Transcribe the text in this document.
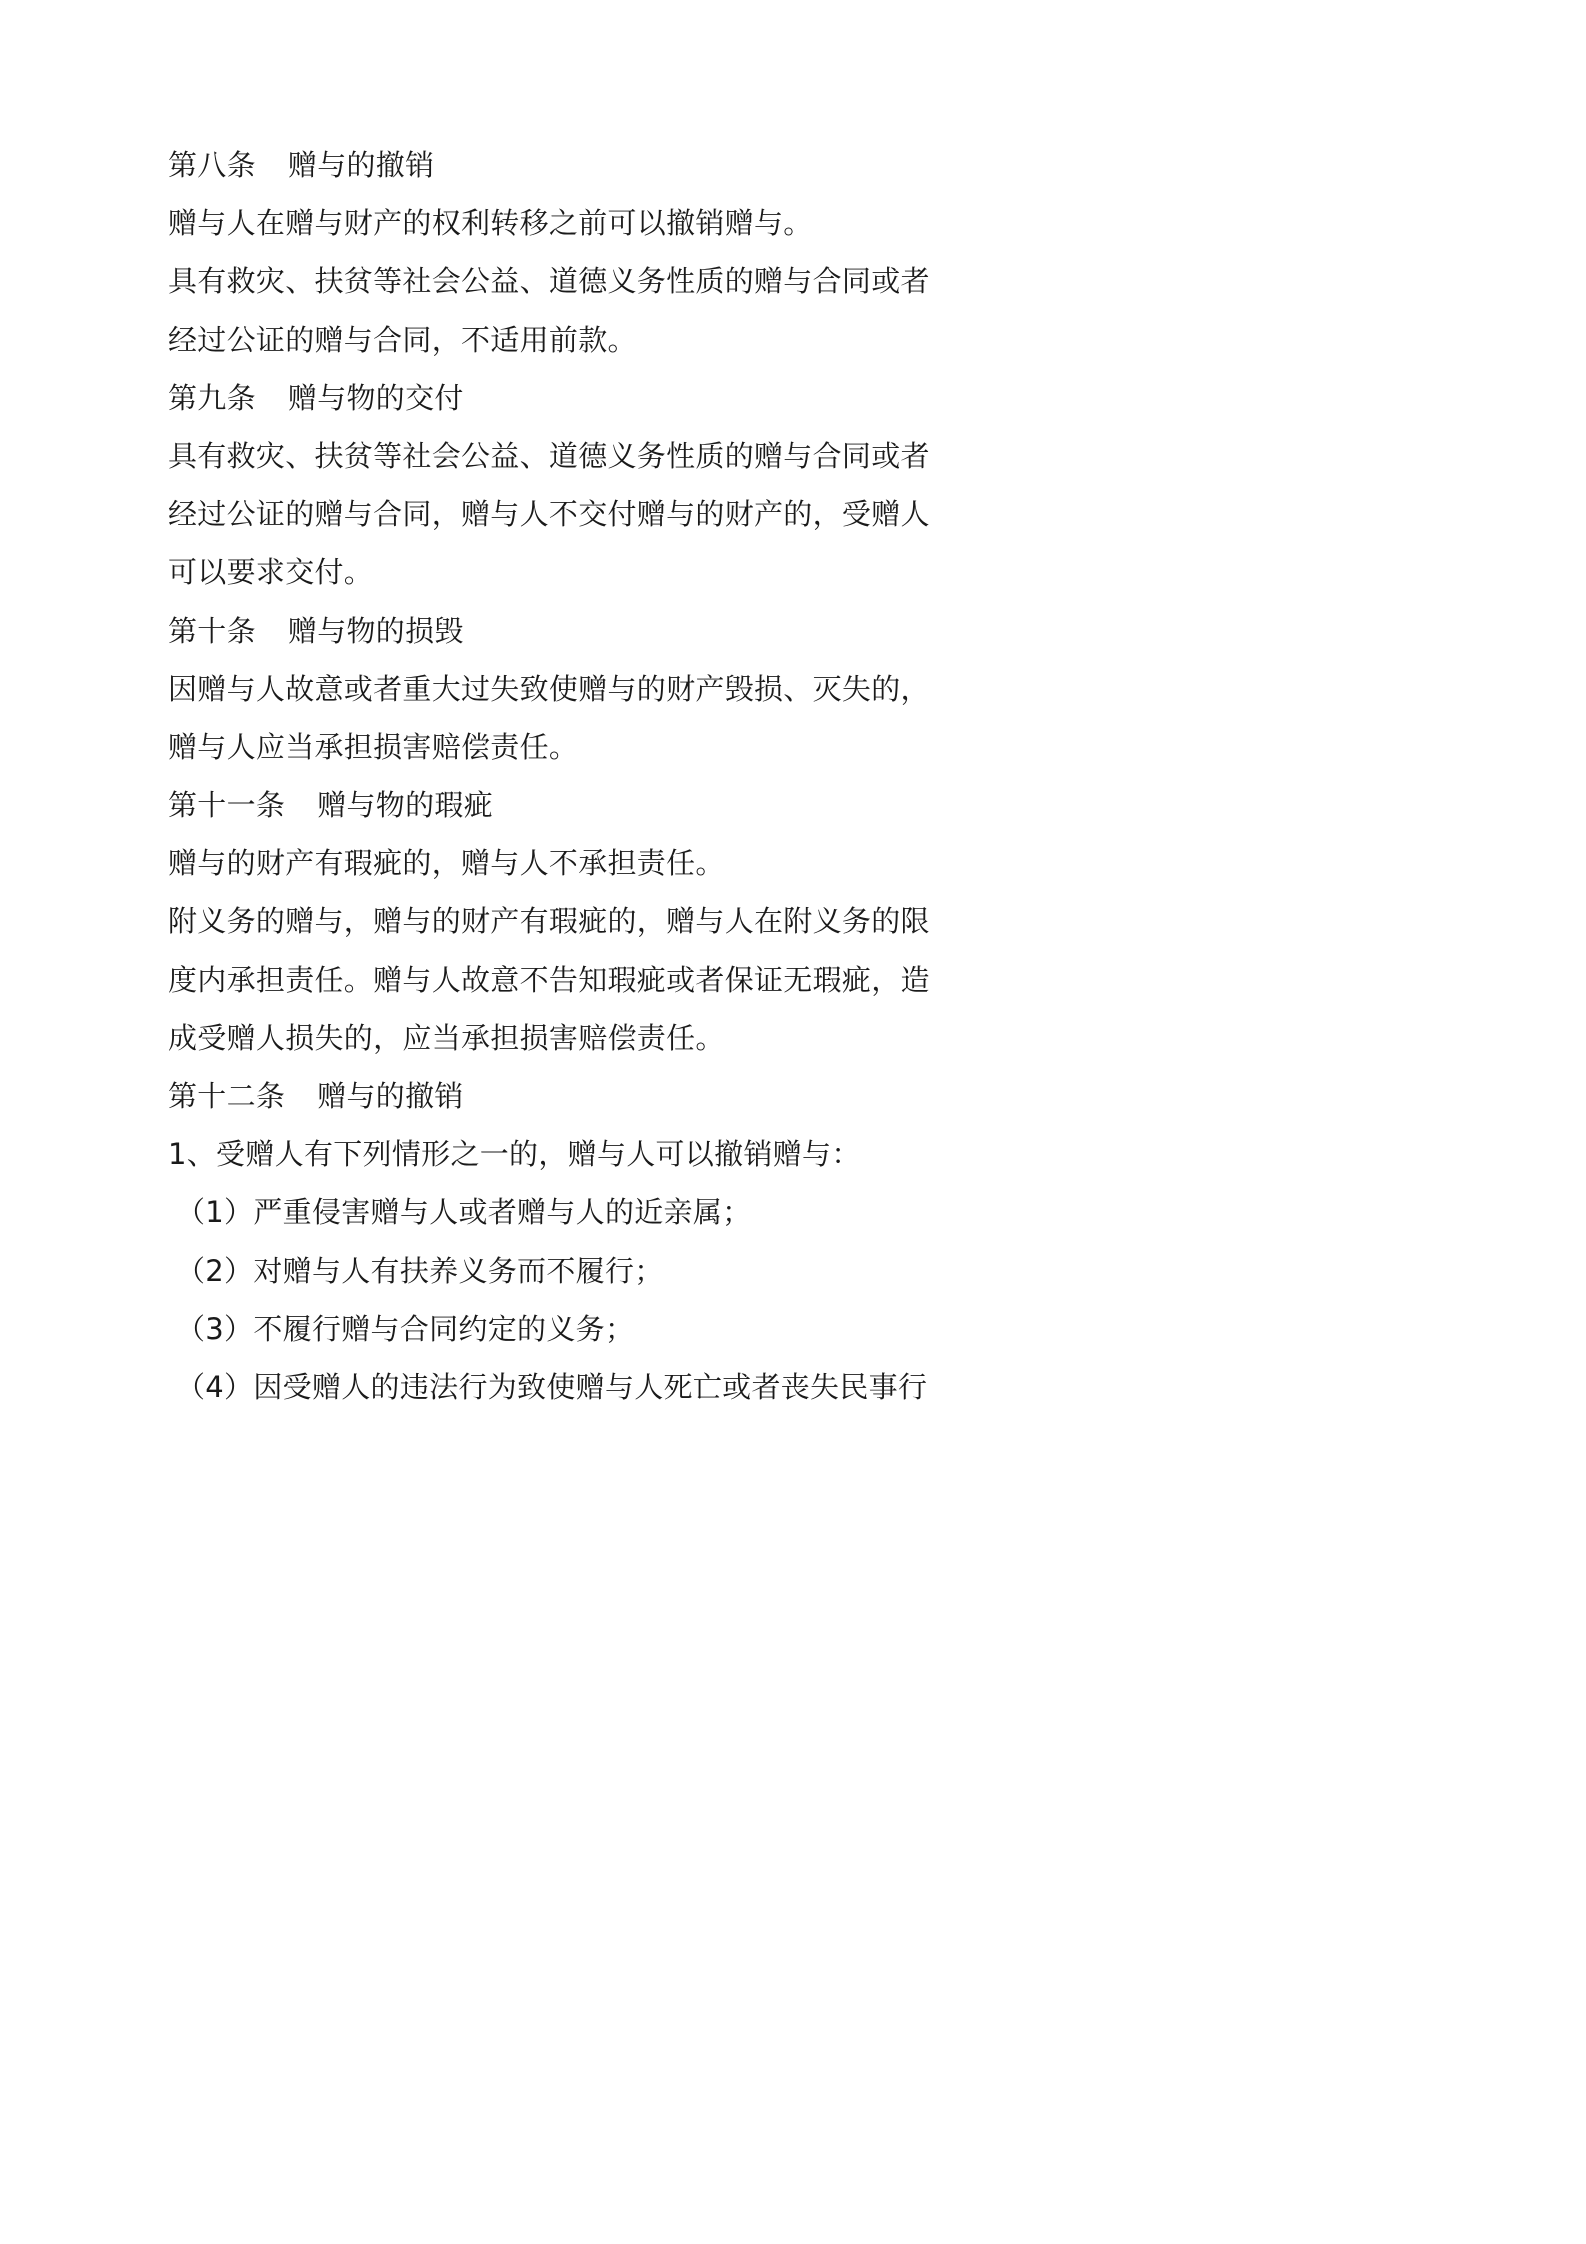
第八条 赠与的撤销
赠与人在赠与财产的权利转移之前可以撤销赠与。
具有救灾、扶贫等社会公益、道德义务性质的赠与合同或者
经过公证的赠与合同，不适用前款。
第九条 赠与物的交付
具有救灾、扶贫等社会公益、道德义务性质的赠与合同或者
经过公证的赠与合同，赠与人不交付赠与的财产的，受赠人
可以要求交付。
第十条 赠与物的损毁
因赠与人故意或者重大过失致使赠与的财产毁损、灭失的，
赠与人应当承担损害赔偿责任。
第十一条 赠与物的瑕疵
赠与的财产有瑕疵的，赠与人不承担责任。
附义务的赠与，赠与的财产有瑕疵的，赠与人在附义务的限
度内承担责任。赠与人故意不告知瑕疵或者保证无瑕疵，造
成受赠人损失的，应当承担损害赔偿责任。
第十二条 赠与的撤销
1、受赠人有下列情形之一的，赠与人可以撤销赠与：
（1）严重侵害赠与人或者赠与人的近亲属；
（2）对赠与人有扶养义务而不履行；
（3）不履行赠与合同约定的义务；
（4）因受赠人的违法行为致使赠与人死亡或者丧失民事行
